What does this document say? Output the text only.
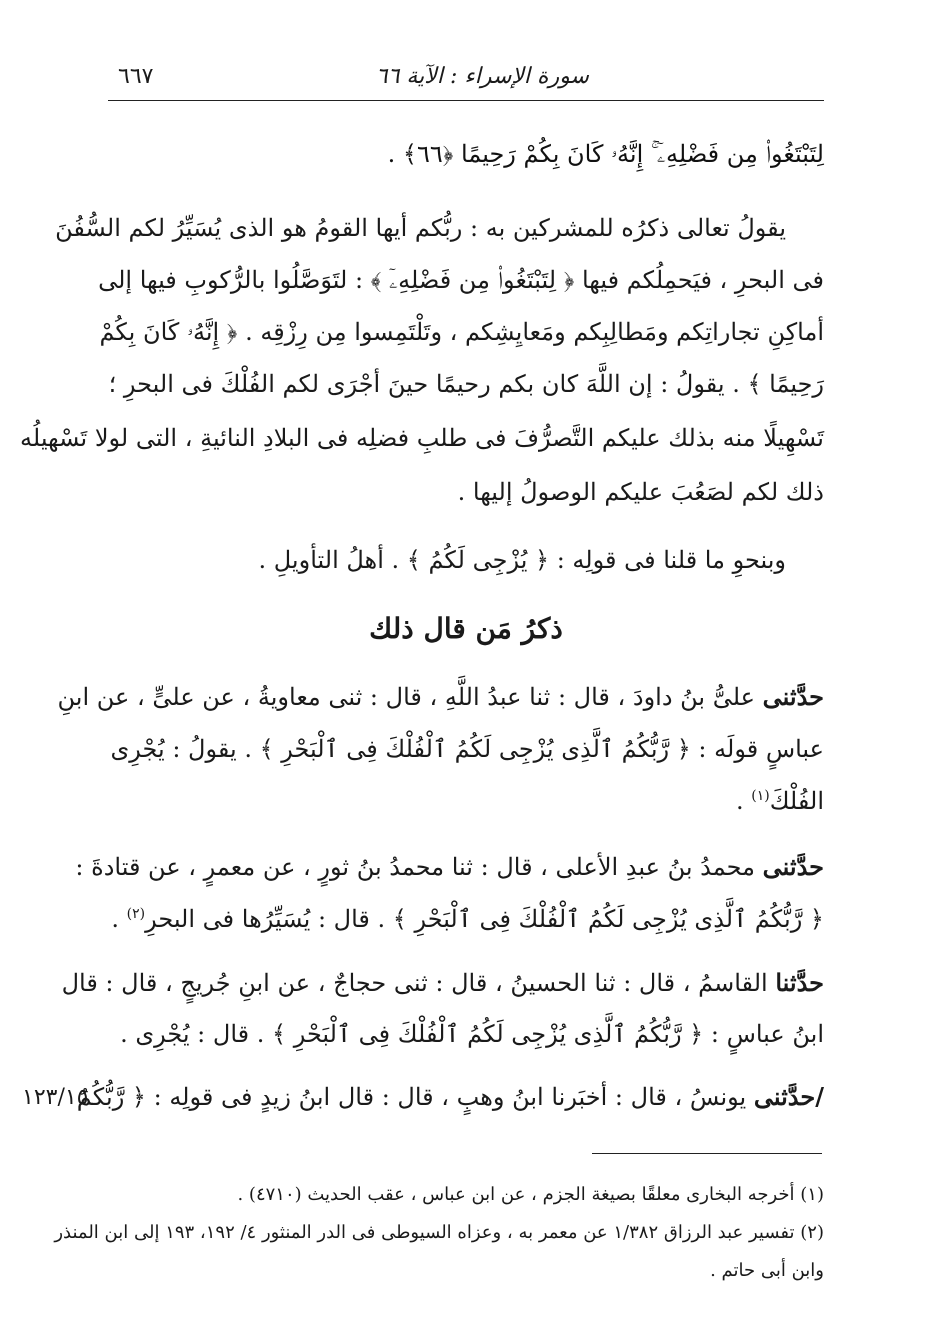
سورة الإسراء : الآية ٦٦
٦٦٧
لِتَبْتَغُوا۟ مِن فَضْلِهِۦٓ ۚ إِنَّهُۥ كَانَ بِكُمْ رَحِيمًا ﴿٦٦﴾ .
يقولُ تعالى ذكرُه للمشركين به : ربُّكم أيها القومُ هو الذى يُسَيِّرُ لكم السُّفُنَ
فى البحرِ ، فيَحمِلُكم فيها ﴿ لِتَبْتَغُوا۟ مِن فَضْلِهِۦٓ ﴾ : لتَوَصَّلُوا بالرُّكوبِ فيها إلى
أماكِنِ تجاراتِكم ومَطالِبِكم ومَعايِشِكم ، وتَلْتَمِسوا مِن رِزْقِه . ﴿ إِنَّهُۥ كَانَ بِكُمْ
رَحِيمًا ﴾ . يقولُ : إن اللَّهَ كان بكم رحيمًا حينَ أجْرَى لكم الفُلْكَ فى البحرِ ؛
تَسْهِيلًا منه بذلك عليكم التَّصرُّفَ فى طلبِ فضلِه فى البلادِ النائيةِ ، التى لولا تَسْهيلُه
ذلك لكم لصَعُبَ عليكم الوصولُ إليها .
وبنحوِ ما قلنا فى قولِه : ﴿ يُزْجِى لَكُمُ ﴾ . أهلُ التأويلِ .
ذكرُ مَن قال ذلك
حدَّثنى علىُّ بنُ داودَ ، قال : ثنا عبدُ اللَّهِ ، قال : ثنى معاويةُ ، عن علىٍّ ، عن ابنِ
عباسٍ قولَه : ﴿ رَّبُّكُمُ ٱلَّذِى يُزْجِى لَكُمُ ٱلْفُلْكَ فِى ٱلْبَحْرِ ﴾ . يقولُ : يُجْرِى
الفُلْكَ$^{(١)}$ .
حدَّثنى محمدُ بنُ عبدِ الأعلى ، قال : ثنا محمدُ بنُ ثورٍ ، عن معمرٍ ، عن قتادةَ :
﴿ رَّبُّكُمُ ٱلَّذِى يُزْجِى لَكُمُ ٱلْفُلْكَ فِى ٱلْبَحْرِ ﴾ . قال : يُسَيِّرُها فى البحرِ$^{(٢)}$ .
حدَّثنا القاسمُ ، قال : ثنا الحسينُ ، قال : ثنى حجاجٌ ، عن ابنِ جُريجٍ ، قال : قال
ابنُ عباسٍ : ﴿ رَّبُّكُمُ ٱلَّذِى يُزْجِى لَكُمُ ٱلْفُلْكَ فِى ٱلْبَحْرِ ﴾ . قال : يُجْرِى .
/حدَّثنى يونسُ ، قال : أخبَرنا ابنُ وهبٍ ، قال : قال ابنُ زيدٍ فى قولِه : ﴿ رَّبُّكُمُ
١٢٣/١٥
(١) أخرجه البخارى معلقًا بصيغة الجزم ، عن ابن عباس ، عقب الحديث (٤٧١٠) .
(٢) تفسير عبد الرزاق ١/٣٨٢ عن معمر به ، وعزاه السيوطى فى الدر المنثور ٤/ ١٩٢، ١٩٣ إلى ابن المنذر
وابن أبى حاتم .
